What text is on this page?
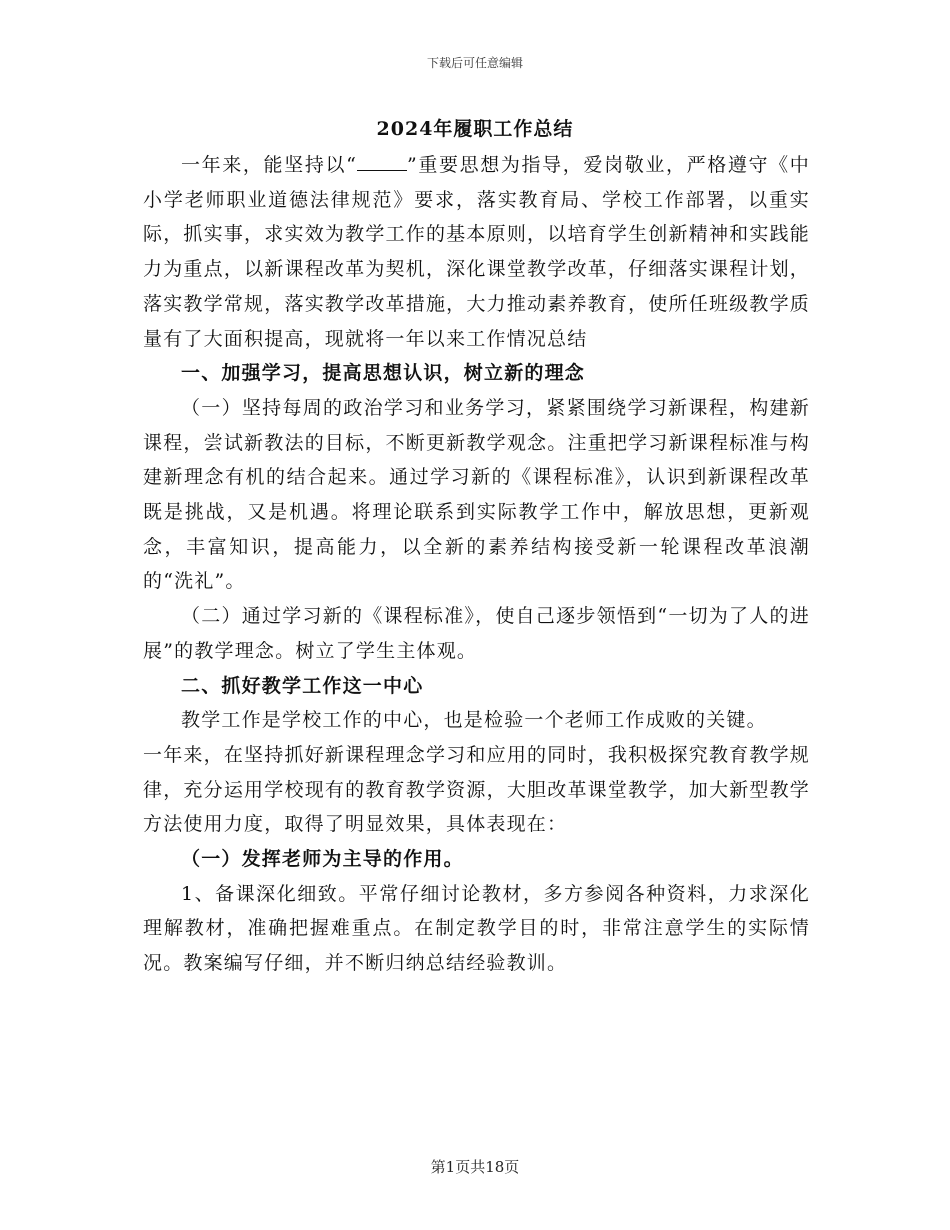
下载后可任意编辑
2024年履职工作总结

一年来，能坚持以“	”重要思想为指导，爱岗敬业，严格遵守《中小学老师职业道德法律规范》要求，落实教育局、学校工作部署，以重实际，抓实事，求实效为教学工作的基本原则，以培育学生创新精神和实践能力为重点，以新课程改革为契机，深化课堂教学改革，仔细落实课程计划，落实教学常规，落实教学改革措施，大力推动素养教育，使所任班级教学质量有了大面积提高，现就将一年以来工作情况总结

一、加强学习，提高思想认识，树立新的理念

（一）坚持每周的政治学习和业务学习，紧紧围绕学习新课程，构建新课程，尝试新教法的目标，不断更新教学观念。注重把学习新课程标准与构建新理念有机的结合起来。通过学习新的《课程标准》，认识到新课程改革既是挑战，又是机遇。将理论联系到实际教学工作中，解放思想，更新观念，丰富知识，提高能力，以全新的素养结构接受新一轮课程改革浪潮的“洗礼”。

（二）通过学习新的《课程标准》，使自己逐步领悟到“一切为了人的进展”的教学理念。树立了学生主体观。

二、抓好教学工作这一中心

教学工作是学校工作的中心，也是检验一个老师工作成败的关键。

一年来，在坚持抓好新课程理念学习和应用的同时，我积极探究教育教学规律，充分运用学校现有的教育教学资源，大胆改革课堂教学，加大新型教学方法使用力度，取得了明显效果，具体表现在：

（一）发挥老师为主导的作用。

1、备课深化细致。平常仔细讨论教材，多方参阅各种资料，力求深化理解教材，准确把握难重点。在制定教学目的时，非常注意学生的实际情况。教案编写仔细，并不断归纳总结经验教训。

第1页共18页
